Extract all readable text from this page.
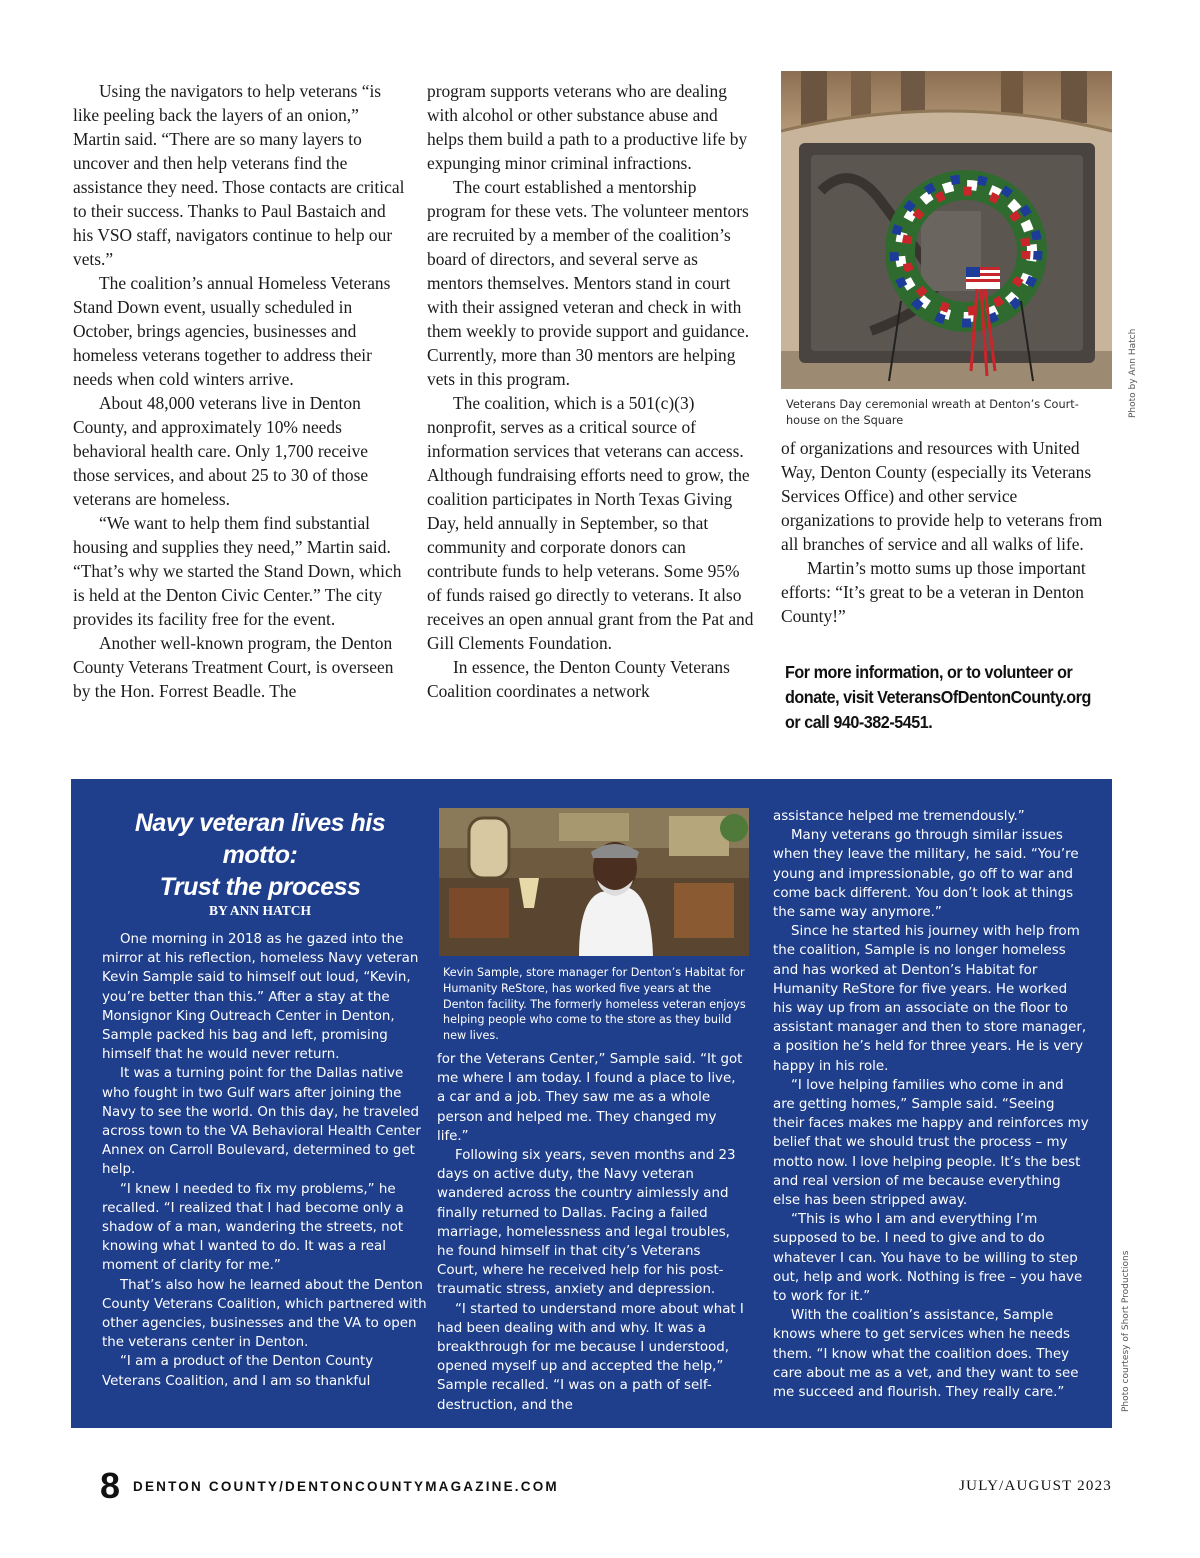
Using the navigators to help veterans “is like peeling back the layers of an onion,” Martin said. “There are so many layers to uncover and then help veterans find the assistance they need. Those contacts are critical to their success. Thanks to Paul Bastaich and his VSO staff, navigators continue to help our vets.”

The coalition’s annual Homeless Veterans Stand Down event, usually scheduled in October, brings agencies, businesses and homeless veterans together to address their needs when cold winters arrive.

About 48,000 veterans live in Denton County, and approximately 10% needs behavioral health care. Only 1,700 receive those services, and about 25 to 30 of those veterans are homeless.

“We want to help them find substantial housing and supplies they need,” Martin said. “That’s why we started the Stand Down, which is held at the Denton Civic Center.” The city provides its facility free for the event.

Another well-known program, the Denton County Veterans Treatment Court, is overseen by the Hon. Forrest Beadle. The

program supports veterans who are dealing with alcohol or other substance abuse and helps them build a path to a productive life by expunging minor criminal infractions.

The court established a mentorship program for these vets. The volunteer mentors are recruited by a member of the coalition’s board of directors, and several serve as mentors themselves. Mentors stand in court with their assigned veteran and check in with them weekly to provide support and guidance. Currently, more than 30 mentors are helping vets in this program.

The coalition, which is a 501(c)(3) nonprofit, serves as a critical source of information services that veterans can access. Although fundraising efforts need to grow, the coalition participates in North Texas Giving Day, held annually in September, so that community and corporate donors can contribute funds to help veterans. Some 95% of funds raised go directly to veterans. It also receives an open annual grant from the Pat and Gill Clements Foundation.

In essence, the Denton County Veterans Coalition coordinates a network

Veterans Day ceremonial wreath at Denton’s Court-house on the Square
Photo by Ann Hatch

of organizations and resources with United Way, Denton County (especially its Veterans Services Office) and other service organizations to provide help to veterans from all branches of service and all walks of life.

Martin’s motto sums up those important efforts: “It’s great to be a veteran in Denton County!”

For more information, or to volunteer or donate, visit VeteransOfDentonCounty.org or call 940-382-5451.
Navy veteran lives his motto:
Trust the process
BY ANN HATCH

One morning in 2018 as he gazed into the mirror at his reflection, homeless Navy veteran Kevin Sample said to himself out loud, “Kevin, you’re better than this.” After a stay at the Monsignor King Outreach Center in Denton, Sample packed his bag and left, promising himself that he would never return.

It was a turning point for the Dallas native who fought in two Gulf wars after joining the Navy to see the world. On this day, he traveled across town to the VA Behavioral Health Center Annex on Carroll Boulevard, determined to get help.

“I knew I needed to fix my problems,” he recalled. “I realized that I had become only a shadow of a man, wandering the streets, not knowing what I wanted to do. It was a real moment of clarity for me.”

That’s also how he learned about the Denton County Veterans Coalition, which partnered with other agencies, businesses and the VA to open the veterans center in Denton.

“I am a product of the Denton County Veterans Coalition, and I am so thankful

Kevin Sample, store manager for Denton’s Habitat for Humanity ReStore, has worked five years at the Denton facility. The formerly homeless veteran enjoys helping people who come to the store as they build new lives.

assistance helped me tremendously.”

Many veterans go through similar issues when they leave the military, he said. “You’re young and impressionable, go off to war and come back different. You don’t look at things the same way anymore.”

Since he started his journey with help from the coalition, Sample is no longer homeless and has worked at Denton’s Habitat for Humanity ReStore for five years. He worked his way up from an associate on the floor to assistant manager and then to store manager, a position he’s held for three years. He is very happy in his role.

“I love helping families who come in and are getting homes,” Sample said. “Seeing their faces makes me happy and reinforces my belief that we should trust the process – my motto now. I love helping people. It’s the best and real version of me because everything else has been stripped away.

“This is who I am and everything I’m supposed to be. I need to give and to do whatever I can. You have to be willing to step out, help and work. Nothing is free – you have to work for it.”

With the coalition’s assistance, Sample knows where to get services when he needs them. “I know what the coalition does. They care about me as a vet, and they want to see me succeed and flourish. They really care.”

for the Veterans Center,” Sample said. “It got me where I am today. I found a place to live, a car and a job. They saw me as a whole person and helped me. They changed my life.”

Following six years, seven months and 23 days on active duty, the Navy veteran wandered across the country aimlessly and finally returned to Dallas. Facing a failed marriage, homelessness and legal troubles, he found himself in that city’s Veterans Court, where he received help for his post-traumatic stress, anxiety and depression.

“I started to understand more about what I had been dealing with and why. It was a breakthrough for me because I understood, opened myself up and accepted the help,” Sample recalled. “I was on a path of self-destruction, and the	Photo courtesy of Short Productions
8 DENTON COUNTY/DENTONCOUNTYMAGAZINE.COM	JULY/AUGUST 2023
